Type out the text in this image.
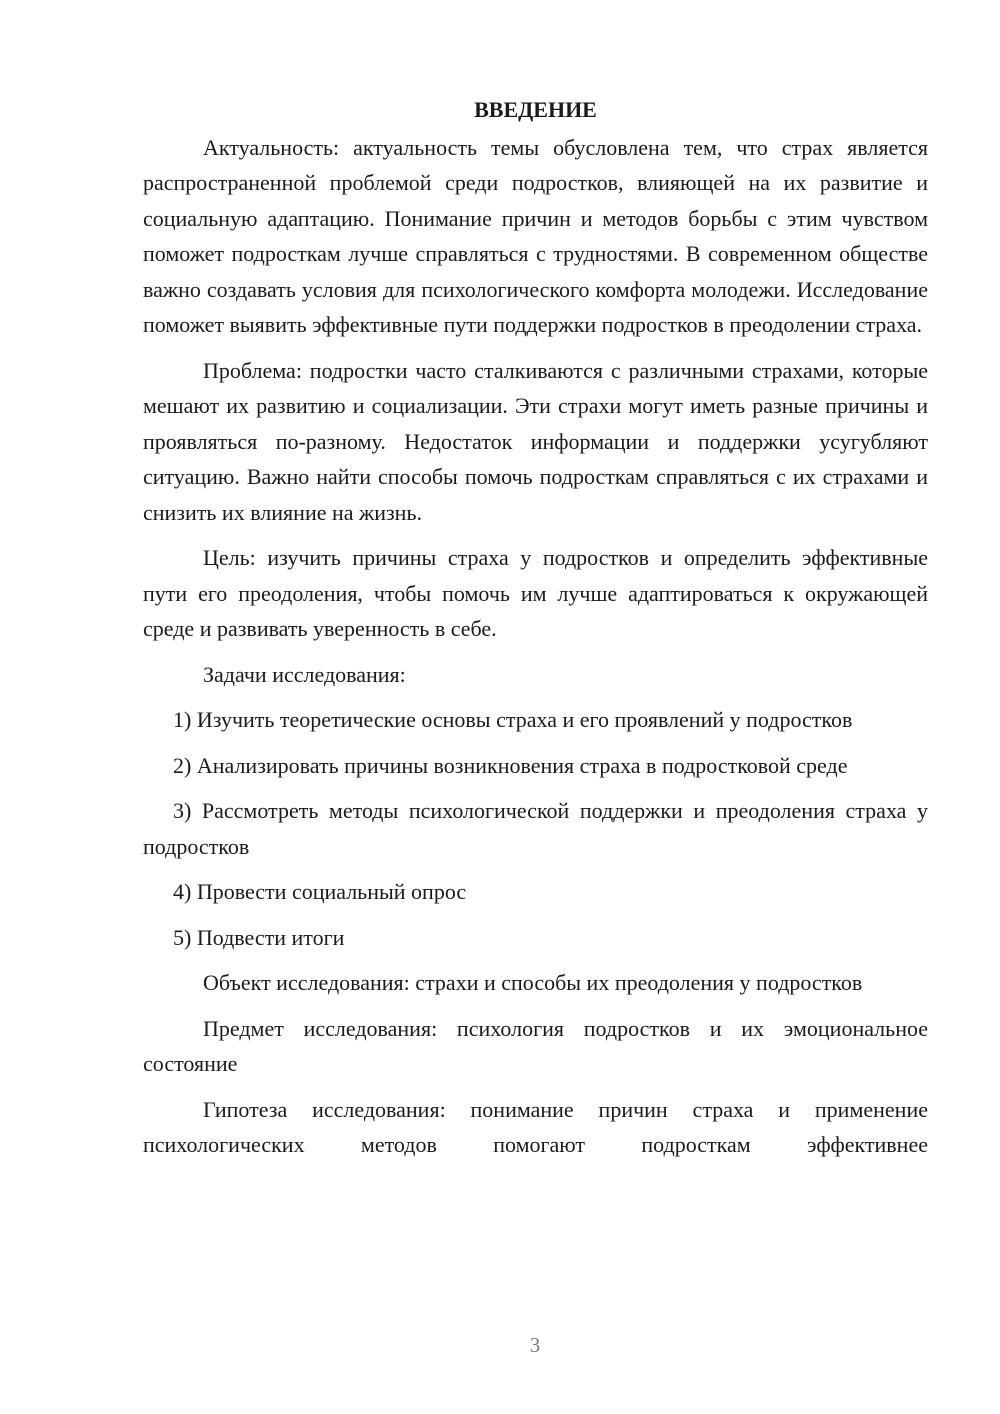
ВВЕДЕНИЕ

Актуальность: актуальность темы обусловлена тем, что страх является распространенной проблемой среди подростков, влияющей на их развитие и социальную адаптацию. Понимание причин и методов борьбы с этим чувством поможет подросткам лучше справляться с трудностями. В современном обществе важно создавать условия для психологического комфорта молодежи. Исследование поможет выявить эффективные пути поддержки подростков в преодолении страха.

Проблема: подростки часто сталкиваются с различными страхами, которые мешают их развитию и социализации. Эти страхи могут иметь разные причины и проявляться по-разному. Недостаток информации и поддержки усугубляют ситуацию. Важно найти способы помочь подросткам справляться с их страхами и снизить их влияние на жизнь.

Цель: изучить причины страха у подростков и определить эффективные пути его преодоления, чтобы помочь им лучше адаптироваться к окружающей среде и развивать уверенность в себе.

Задачи исследования:

1) Изучить теоретические основы страха и его проявлений у подростков

2) Анализировать причины возникновения страха в подростковой среде

3) Рассмотреть методы психологической поддержки и преодоления страха у подростков

4) Провести социальный опрос

5) Подвести итоги

Объект исследования: страхи и способы их преодоления у подростков

Предмет исследования: психология подростков и их эмоциональное состояние

Гипотеза исследования: понимание причин страха и применение психологических методов помогают подросткам эффективнее

3
